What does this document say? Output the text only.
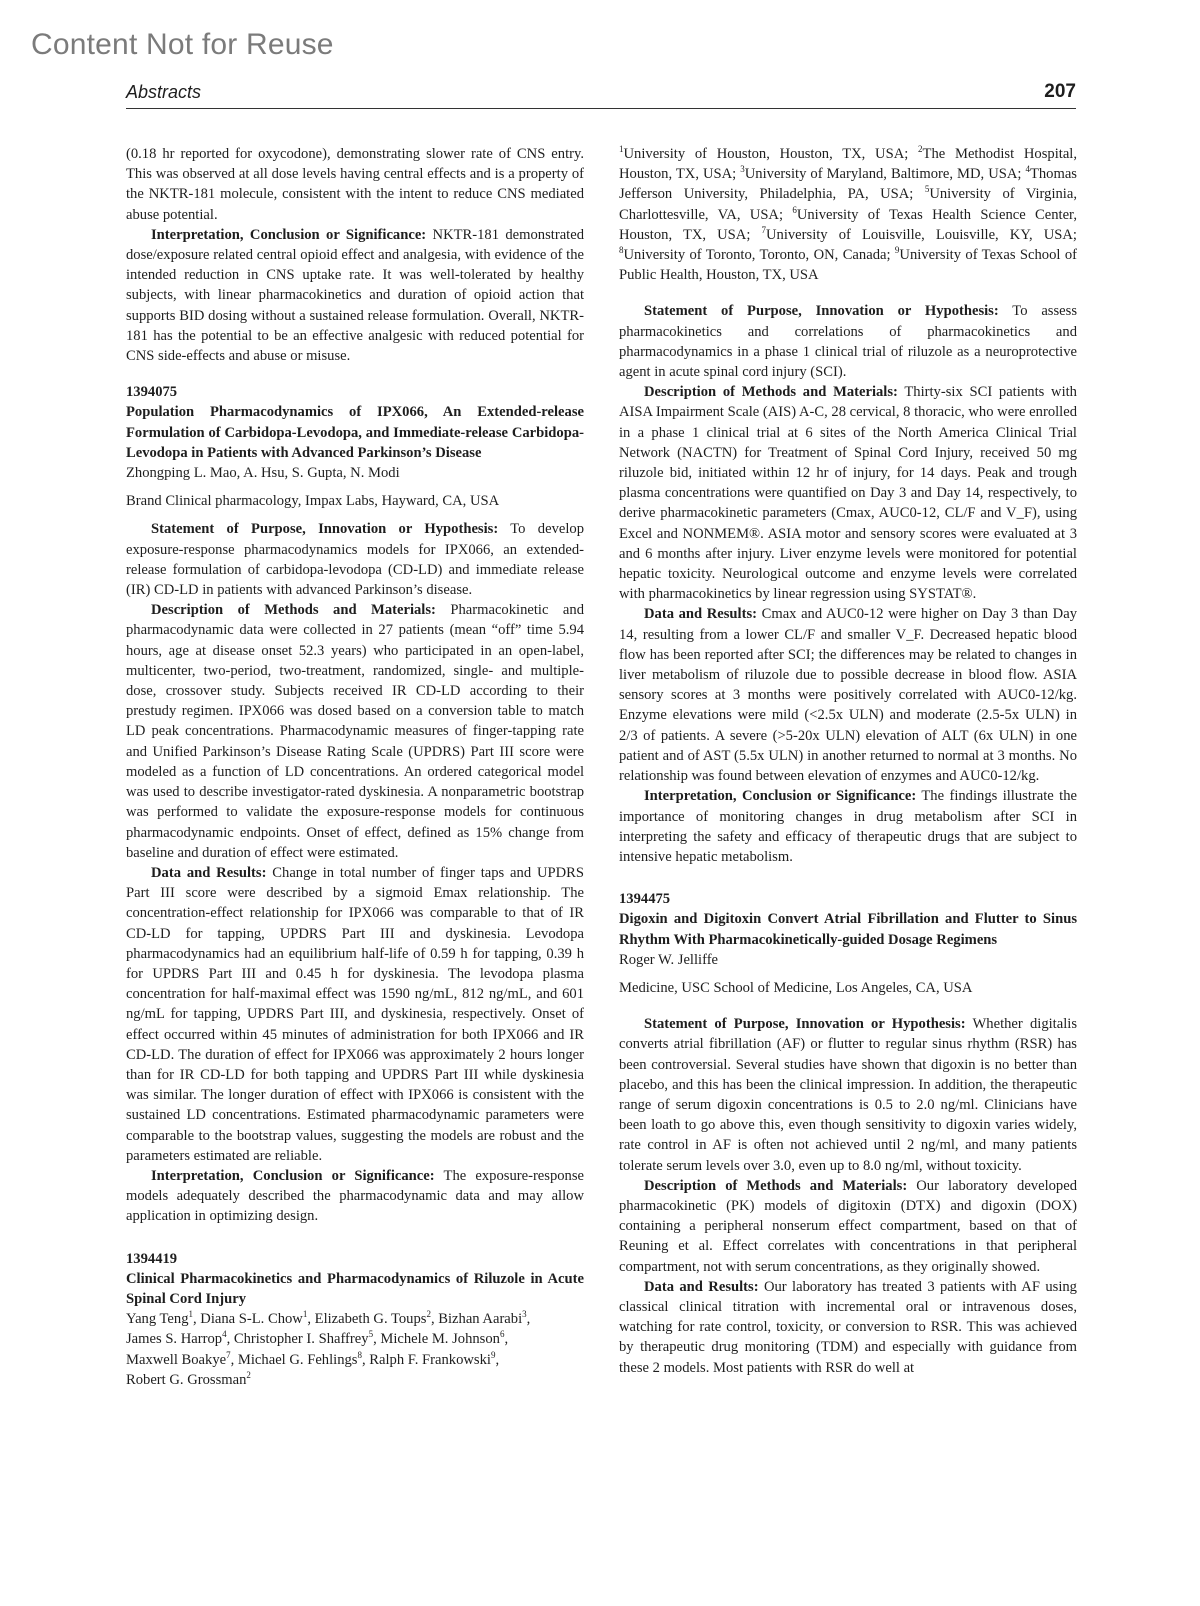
Content Not for Reuse
Abstracts	207

(0.18 hr reported for oxycodone), demonstrating slower rate of CNS entry. This was observed at all dose levels having central effects and is a property of the NKTR-181 molecule, consistent with the intent to reduce CNS mediated abuse potential.

Interpretation, Conclusion or Significance: NKTR-181 demonstrated dose/exposure related central opioid effect and analgesia, with evidence of the intended reduction in CNS uptake rate. It was well-tolerated by healthy subjects, with linear pharmacokinetics and duration of opioid action that supports BID dosing without a sustained release formulation. Overall, NKTR-181 has the potential to be an effective analgesic with reduced potential for CNS side-effects and abuse or misuse.

1394075

Population Pharmacodynamics of IPX066, An Extended-release Formulation of Carbidopa-Levodopa, and Immediate-release Carbidopa-Levodopa in Patients with Advanced Parkinson’s Disease

Zhongping L. Mao, A. Hsu, S. Gupta, N. Modi

Brand Clinical pharmacology, Impax Labs, Hayward, CA, USA

Statement of Purpose, Innovation or Hypothesis: To develop exposure-response pharmacodynamics models for IPX066, an extended-release formulation of carbidopa-levodopa (CD-LD) and immediate release (IR) CD-LD in patients with advanced Parkinson’s disease.

Description of Methods and Materials: Pharmacokinetic and pharmacodynamic data were collected in 27 patients (mean “off” time 5.94 hours, age at disease onset 52.3 years) who participated in an open-label, multicenter, two-period, two-treatment, randomized, single- and multiple-dose, crossover study. Subjects received IR CD-LD according to their prestudy regimen. IPX066 was dosed based on a conversion table to match LD peak concentrations. Pharmacodynamic measures of finger-tapping rate and Unified Parkinson’s Disease Rating Scale (UPDRS) Part III score were modeled as a function of LD concentrations. An ordered categorical model was used to describe investigator-rated dyskinesia. A nonparametric bootstrap was performed to validate the exposure-response models for continuous pharmacodynamic endpoints. Onset of effect, defined as 15% change from baseline and duration of effect were estimated.

Data and Results: Change in total number of finger taps and UPDRS Part III score were described by a sigmoid Emax relationship. The concentration-effect relationship for IPX066 was comparable to that of IR CD-LD for tapping, UPDRS Part III and dyskinesia. Levodopa pharmacodynamics had an equilibrium half-life of 0.59 h for tapping, 0.39 h for UPDRS Part III and 0.45 h for dyskinesia. The levodopa plasma concentration for half-maximal effect was 1590 ng/mL, 812 ng/mL, and 601 ng/mL for tapping, UPDRS Part III, and dyskinesia, respectively. Onset of effect occurred within 45 minutes of administration for both IPX066 and IR CD-LD. The duration of effect for IPX066 was approximately 2 hours longer than for IR CD-LD for both tapping and UPDRS Part III while dyskinesia was similar. The longer duration of effect with IPX066 is consistent with the sustained LD concentrations. Estimated pharmacodynamic parameters were comparable to the bootstrap values, suggesting the models are robust and the parameters estimated are reliable.

Interpretation, Conclusion or Significance: The exposure-response models adequately described the pharmacodynamic data and may allow application in optimizing design.

1394419

Clinical Pharmacokinetics and Pharmacodynamics of Riluzole in Acute Spinal Cord Injury

Yang Teng$^1$, Diana S-L. Chow$^1$, Elizabeth G. Toups$^2$, Bizhan Aarabi$^3$,
James S. Harrop$^4$, Christopher I. Shaffrey$^5$, Michele M. Johnson$^6$,
Maxwell Boakye$^7$, Michael G. Fehlings$^8$, Ralph F. Frankowski$^9$,
Robert G. Grossman$^2$

$^1$University of Houston, Houston, TX, USA; $^2$The Methodist Hospital, Houston, TX, USA; $^3$University of Maryland, Baltimore, MD, USA; $^4$Thomas Jefferson University, Philadelphia, PA, USA; $^5$University of Virginia, Charlottesville, VA, USA; $^6$University of Texas Health Science Center, Houston, TX, USA; $^7$University of Louisville, Louisville, KY, USA; $^8$University of Toronto, Toronto, ON, Canada; $^9$University of Texas School of Public Health, Houston, TX, USA

Statement of Purpose, Innovation or Hypothesis: To assess pharmacokinetics and correlations of pharmacokinetics and pharmacodynamics in a phase 1 clinical trial of riluzole as a neuroprotective agent in acute spinal cord injury (SCI).

Description of Methods and Materials: Thirty-six SCI patients with AISA Impairment Scale (AIS) A-C, 28 cervical, 8 thoracic, who were enrolled in a phase 1 clinical trial at 6 sites of the North America Clinical Trial Network (NACTN) for Treatment of Spinal Cord Injury, received 50 mg riluzole bid, initiated within 12 hr of injury, for 14 days. Peak and trough plasma concentrations were quantified on Day 3 and Day 14, respectively, to derive pharmacokinetic parameters (Cmax, AUC0-12, CL/F and V_F), using Excel and NONMEM®. ASIA motor and sensory scores were evaluated at 3 and 6 months after injury. Liver enzyme levels were monitored for potential hepatic toxicity. Neurological outcome and enzyme levels were correlated with pharmacokinetics by linear regression using SYSTAT®.

Data and Results: Cmax and AUC0-12 were higher on Day 3 than Day 14, resulting from a lower CL/F and smaller V_F. Decreased hepatic blood flow has been reported after SCI; the differences may be related to changes in liver metabolism of riluzole due to possible decrease in blood flow. ASIA sensory scores at 3 months were positively correlated with AUC0-12/kg. Enzyme elevations were mild (<2.5x ULN) and moderate (2.5-5x ULN) in 2/3 of patients. A severe (>5-20x ULN) elevation of ALT (6x ULN) in one patient and of AST (5.5x ULN) in another returned to normal at 3 months. No relationship was found between elevation of enzymes and AUC0-12/kg.

Interpretation, Conclusion or Significance: The findings illustrate the importance of monitoring changes in drug metabolism after SCI in interpreting the safety and efficacy of therapeutic drugs that are subject to intensive hepatic metabolism.

1394475

Digoxin and Digitoxin Convert Atrial Fibrillation and Flutter to Sinus Rhythm With Pharmacokinetically-guided Dosage Regimens

Roger W. Jelliffe

Medicine, USC School of Medicine, Los Angeles, CA, USA

Statement of Purpose, Innovation or Hypothesis: Whether digitalis converts atrial fibrillation (AF) or flutter to regular sinus rhythm (RSR) has been controversial. Several studies have shown that digoxin is no better than placebo, and this has been the clinical impression. In addition, the therapeutic range of serum digoxin concentrations is 0.5 to 2.0 ng/ml. Clinicians have been loath to go above this, even though sensitivity to digoxin varies widely, rate control in AF is often not achieved until 2 ng/ml, and many patients tolerate serum levels over 3.0, even up to 8.0 ng/ml, without toxicity.

Description of Methods and Materials: Our laboratory developed pharmacokinetic (PK) models of digitoxin (DTX) and digoxin (DOX) containing a peripheral nonserum effect compartment, based on that of Reuning et al. Effect correlates with concentrations in that peripheral compartment, not with serum concentrations, as they originally showed.

Data and Results: Our laboratory has treated 3 patients with AF using classical clinical titration with incremental oral or intravenous doses, watching for rate control, toxicity, or conversion to RSR. This was achieved by therapeutic drug monitoring (TDM) and especially with guidance from these 2 models. Most patients with RSR do well at
